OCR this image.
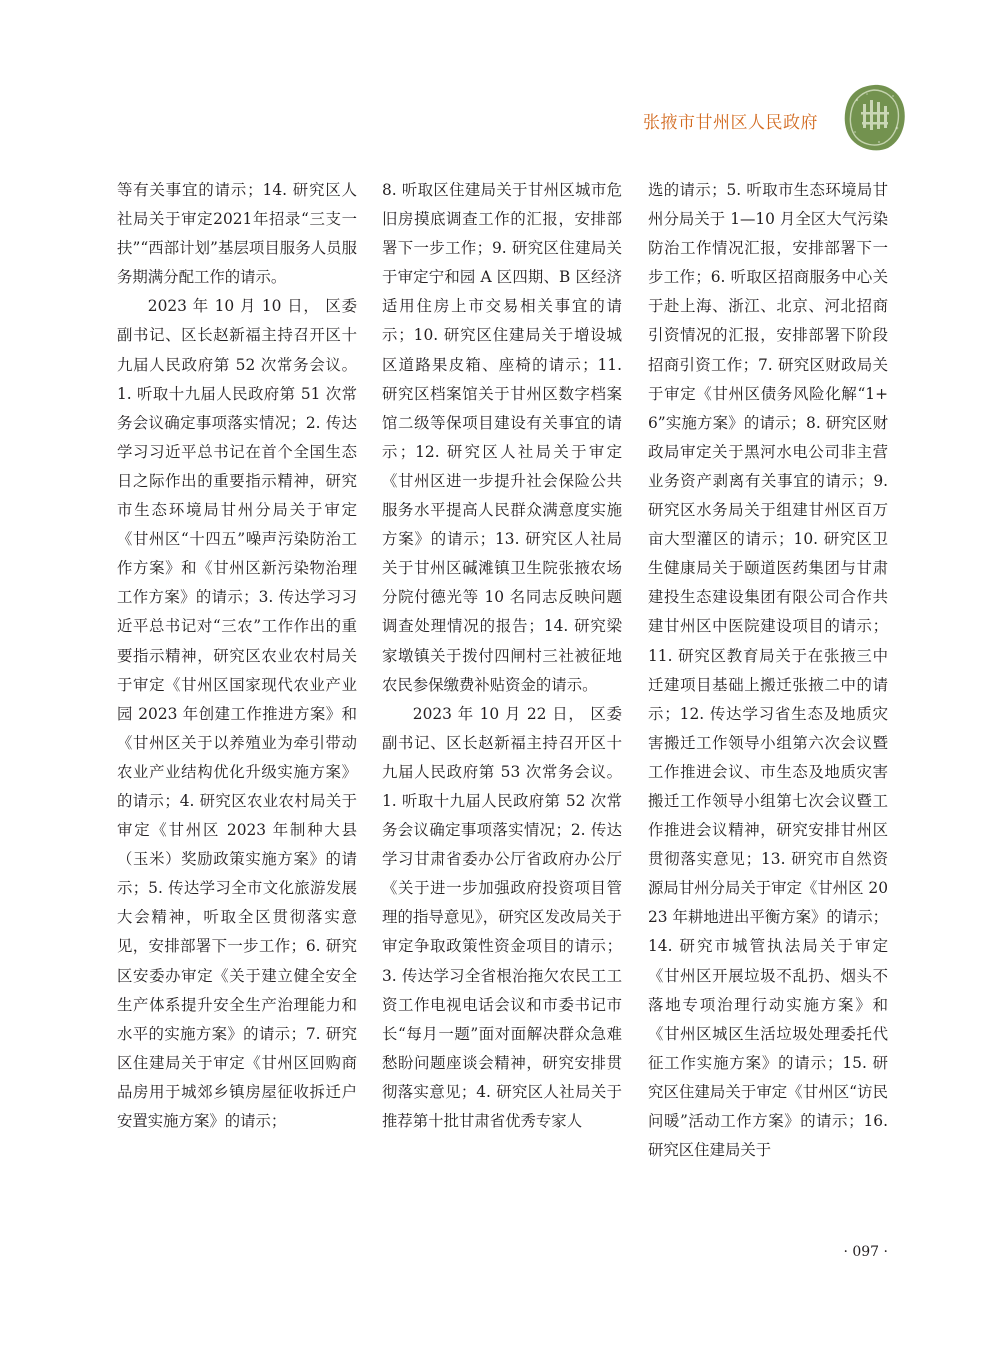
张掖市甘州区人民政府

等有关事宜的请示；14. 研究区人社局关于审定2021年招录“三支一扶”“西部计划”基层项目服务人员服务期满分配工作的请示。

2023 年 10 月 10 日， 区委副书记、区长赵新福主持召开区十九届人民政府第 52 次常务会议。1. 听取十九届人民政府第 51 次常务会议确定事项落实情况；2. 传达学习习近平总书记在首个全国生态日之际作出的重要指示精神，研究市生态环境局甘州分局关于审定《甘州区“十四五”噪声污染防治工作方案》和《甘州区新污染物治理工作方案》的请示；3. 传达学习习近平总书记对“三农”工作作出的重要指示精神，研究区农业农村局关于审定《甘州区国家现代农业产业园 2023 年创建工作推进方案》和《甘州区关于以养殖业为牵引带动农业产业结构优化升级实施方案》的请示；4. 研究区农业农村局关于审定《甘州区 2023 年制种大县（玉米）奖励政策实施方案》的请示；5. 传达学习全市文化旅游发展大会精神，听取全区贯彻落实意见，安排部署下一步工作；6. 研究区安委办审定《关于建立健全安全生产体系提升安全生产治理能力和水平的实施方案》的请示；7. 研究区住建局关于审定《甘州区回购商品房用于城郊乡镇房屋征收拆迁户安置实施方案》的请示；

8. 听取区住建局关于甘州区城市危旧房摸底调查工作的汇报，安排部署下一步工作；9. 研究区住建局关于审定宁和园 A 区四期、B 区经济适用住房上市交易相关事宜的请示；10. 研究区住建局关于增设城区道路果皮箱、座椅的请示；11. 研究区档案馆关于甘州区数字档案馆二级等保项目建设有关事宜的请示；12. 研究区人社局关于审定《甘州区进一步提升社会保险公共服务水平提高人民群众满意度实施方案》的请示；13. 研究区人社局关于甘州区碱滩镇卫生院张掖农场分院付德光等 10 名同志反映问题调查处理情况的报告；14. 研究梁家墩镇关于拨付四闸村三社被征地农民参保缴费补贴资金的请示。

2023 年 10 月 22 日， 区委副书记、区长赵新福主持召开区十九届人民政府第 53 次常务会议。1. 听取十九届人民政府第 52 次常务会议确定事项落实情况；2. 传达学习甘肃省委办公厅省政府办公厅《关于进一步加强政府投资项目管理的指导意见》，研究区发改局关于审定争取政策性资金项目的请示；3. 传达学习全省根治拖欠农民工工资工作电视电话会议和市委书记市长“每月一题”面对面解决群众急难愁盼问题座谈会精神，研究安排贯彻落实意见；4. 研究区人社局关于推荐第十批甘肃省优秀专家人

选的请示；5. 听取市生态环境局甘州分局关于 1—10 月全区大气污染防治工作情况汇报，安排部署下一步工作；6. 听取区招商服务中心关于赴上海、浙江、北京、河北招商引资情况的汇报，安排部署下阶段招商引资工作；7. 研究区财政局关于审定《甘州区债务风险化解“1+6”实施方案》的请示；8. 研究区财政局审定关于黑河水电公司非主营业务资产剥离有关事宜的请示；9. 研究区水务局关于组建甘州区百万亩大型灌区的请示；10. 研究区卫生健康局关于颐道医药集团与甘肃建投生态建设集团有限公司合作共建甘州区中医院建设项目的请示；11. 研究区教育局关于在张掖三中迁建项目基础上搬迁张掖二中的请示；12. 传达学习省生态及地质灾害搬迁工作领导小组第六次会议暨工作推进会议、市生态及地质灾害搬迁工作领导小组第七次会议暨工作推进会议精神，研究安排甘州区贯彻落实意见；13. 研究市自然资源局甘州分局关于审定《甘州区 2023 年耕地进出平衡方案》的请示；14. 研究市城管执法局关于审定《甘州区开展垃圾不乱扔、烟头不落地专项治理行动实施方案》和《甘州区城区生活垃圾处理委托代征工作实施方案》的请示；15. 研究区住建局关于审定《甘州区“访民问暖”活动工作方案》的请示；16. 研究区住建局关于

· 097 ·
